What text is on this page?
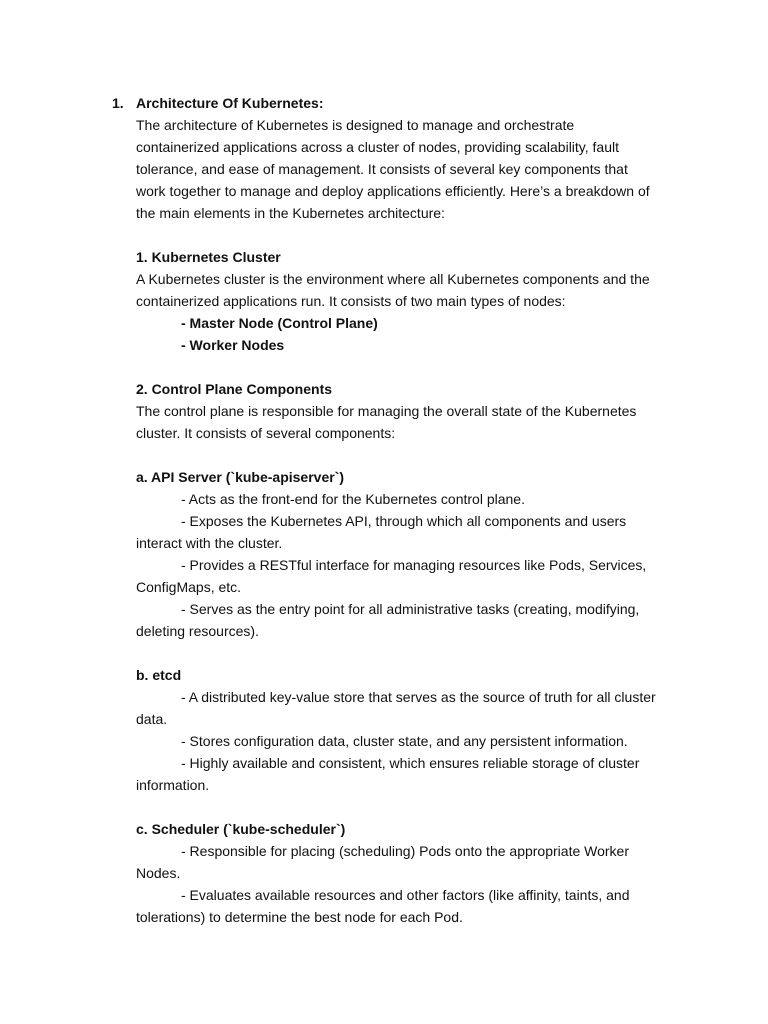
1. Architecture Of Kubernetes:
The architecture of Kubernetes is designed to manage and orchestrate
containerized applications across a cluster of nodes, providing scalability, fault
tolerance, and ease of management. It consists of several key components that
work together to manage and deploy applications efficiently. Here’s a breakdown of
the main elements in the Kubernetes architecture:
1. Kubernetes Cluster
A Kubernetes cluster is the environment where all Kubernetes components and the
containerized applications run. It consists of two main types of nodes:
- Master Node (Control Plane)
- Worker Nodes
2. Control Plane Components
The control plane is responsible for managing the overall state of the Kubernetes
cluster. It consists of several components:
a. API Server (`kube-apiserver`)
- Acts as the front-end for the Kubernetes control plane.
- Exposes the Kubernetes API, through which all components and users
interact with the cluster.
- Provides a RESTful interface for managing resources like Pods, Services,
ConfigMaps, etc.
- Serves as the entry point for all administrative tasks (creating, modifying,
deleting resources).
b. etcd
- A distributed key-value store that serves as the source of truth for all cluster
data.
- Stores configuration data, cluster state, and any persistent information.
- Highly available and consistent, which ensures reliable storage of cluster
information.
c. Scheduler (`kube-scheduler`)
- Responsible for placing (scheduling) Pods onto the appropriate Worker
Nodes.
- Evaluates available resources and other factors (like affinity, taints, and
tolerations) to determine the best node for each Pod.
